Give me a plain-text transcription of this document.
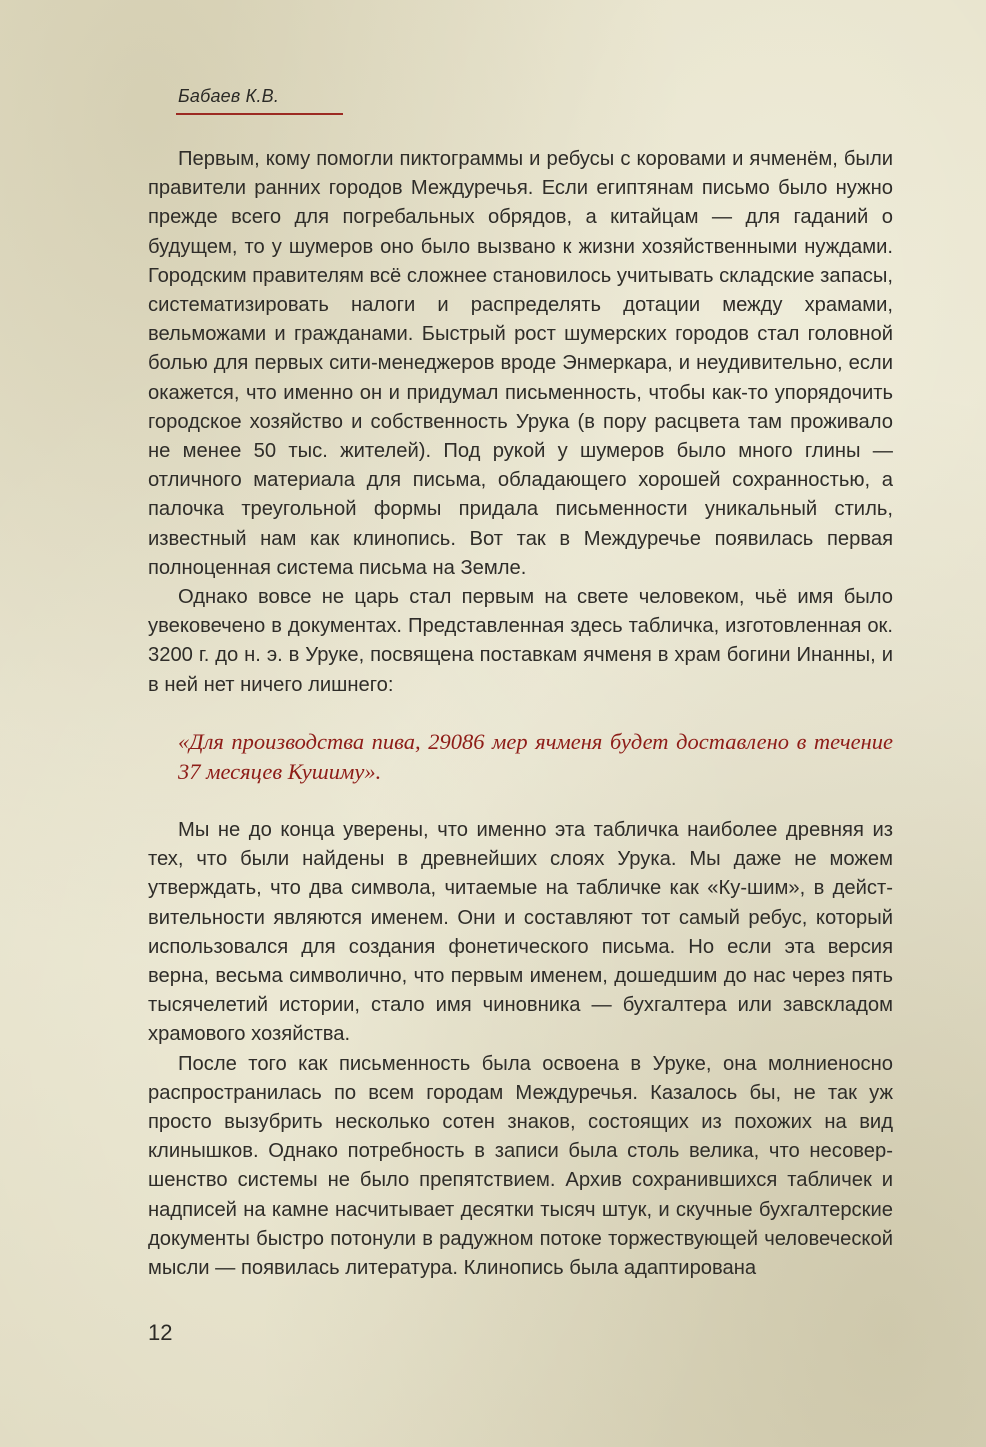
Бабаев К.В.

Первым, кому помогли пиктограммы и ребусы с коровами и ячменём, были правители ранних городов Междуречья. Если египтянам письмо было нужно прежде всего для погребальных обрядов, а китайцам — для гаданий о будущем, то у шумеров оно было вызвано к жизни хозяйственными нуждами. Городским правителям всё сложнее становилось учитывать складские запасы, систематизировать налоги и распределять дотации между храмами, вельможами и гражданами. Быстрый рост шумерских городов стал головной болью для первых сити-менеджеров вроде Энмеркара, и неудивительно, если окажется, что именно он и придумал письменность, чтобы как-то упорядочить городское хозяйство и собственность Урука (в пору расцвета там проживало не менее 50 тыс. жителей). Под рукой у шумеров было много глины — отличного материала для письма, обладающего хорошей сохранностью, а палочка треугольной формы придала письменности уникальный стиль, известный нам как клинопись. Вот так в Междуречье появилась первая полноценная система письма на Земле.

Однако вовсе не царь стал первым на свете человеком, чьё имя было увековечено в документах. Представленная здесь табличка, изготовленная ок. 3200 г. до н. э. в Уруке, посвящена поставкам ячменя в храм богини Инанны, и в ней нет ничего лишнего:

«Для производства пива, 29086 мер ячменя будет доставлено в течение 37 месяцев Кушиму».

Мы не до конца уверены, что именно эта табличка наиболее древняя из тех, что были найдены в древнейших слоях Урука. Мы даже не можем утверждать, что два символа, читаемые на табличке как «Ку-шим», в действительности являются именем. Они и составляют тот самый ребус, который использовался для создания фонетического письма. Но если эта версия верна, весьма символично, что первым именем, дошедшим до нас через пять тысячелетий истории, стало имя чиновника — бухгалтера или завскладом храмового хозяйства.

После того как письменность была освоена в Уруке, она молниеносно распространилась по всем городам Междуречья. Казалось бы, не так уж просто вызубрить несколько сотен знаков, состоящих из похожих на вид клинышков. Однако потребность в записи была столь велика, что несовершенство системы не было препятствием. Архив сохранившихся табличек и надписей на камне насчитывает десятки тысяч штук, и скучные бухгалтерские документы быстро потонули в радужном потоке торжествующей человеческой мысли — появилась литература. Клинопись была адаптирована

12
